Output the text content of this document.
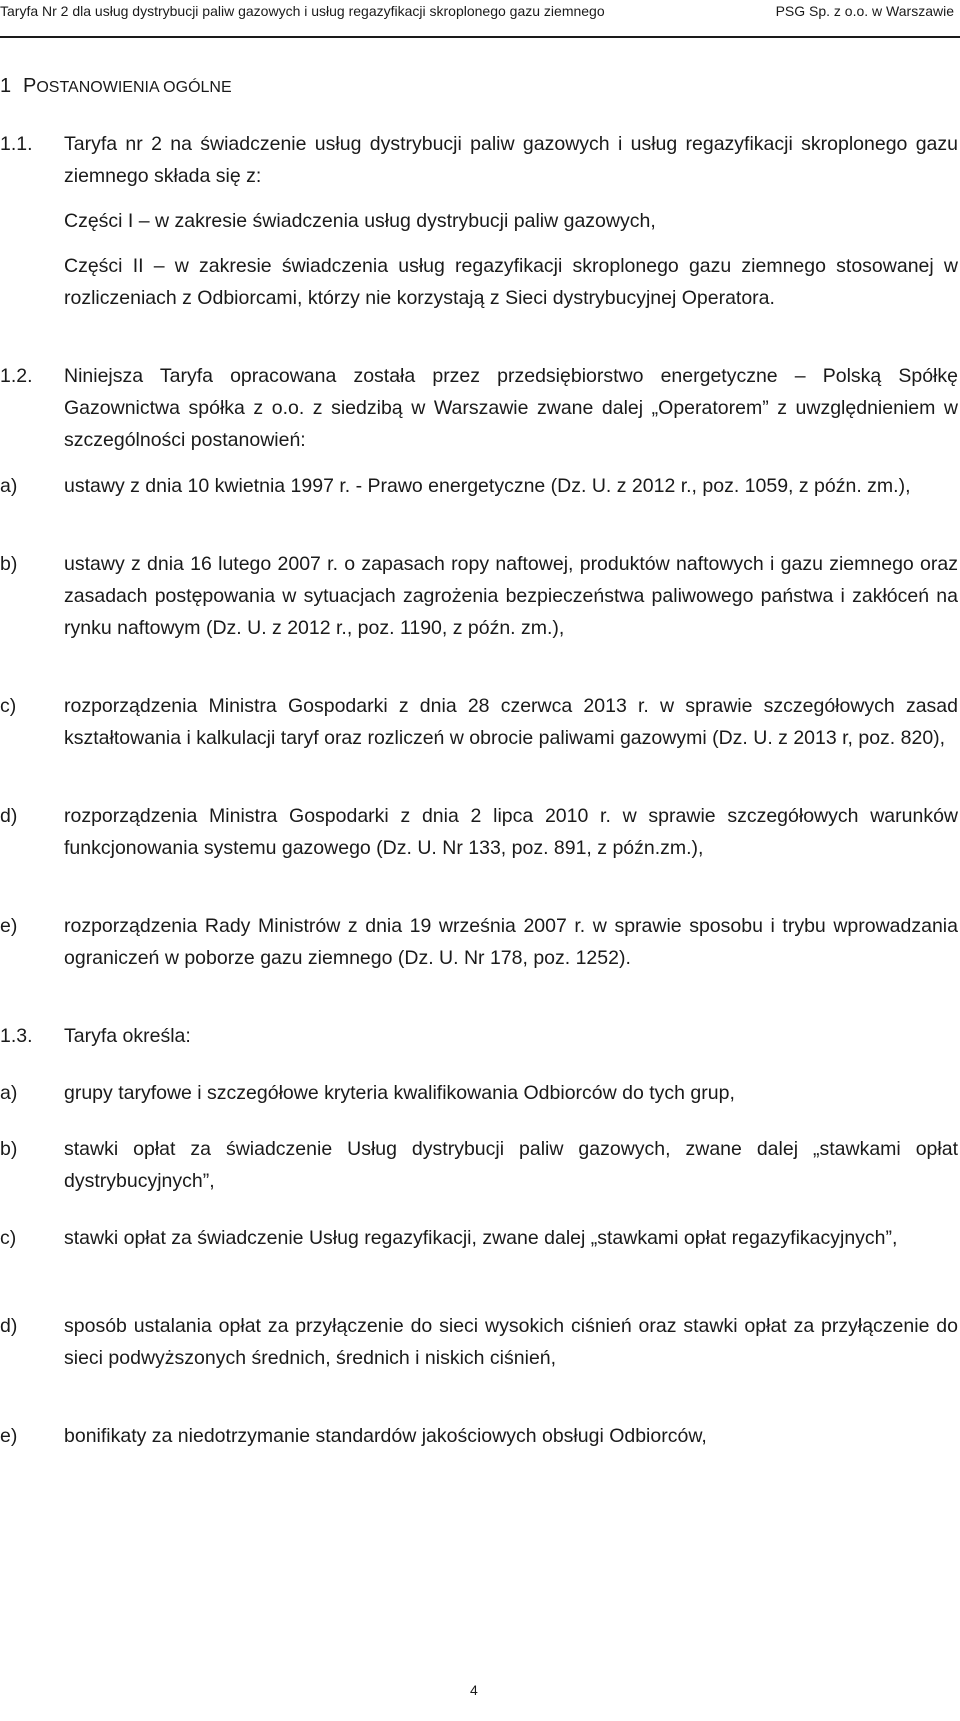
Taryfa Nr 2 dla usług dystrybucji paliw gazowych i usług regazyfikacji skroplonego gazu ziemnego	PSG Sp. z o.o. w Warszawie
1 POSTANOWIENIA OGÓLNE
1.1. Taryfa nr 2 na świadczenie usług dystrybucji paliw gazowych i usług regazyfikacji skroplonego gazu ziemnego składa się z:
Części I – w zakresie świadczenia usług dystrybucji paliw gazowych,
Części II – w zakresie świadczenia usług regazyfikacji skroplonego gazu ziemnego stosowanej w rozliczeniach z Odbiorcami, którzy nie korzystają z Sieci dystrybucyjnej Operatora.
1.2. Niniejsza Taryfa opracowana została przez przedsiębiorstwo energetyczne – Polską Spółkę Gazownictwa spółka z o.o. z siedzibą w Warszawie zwane dalej „Operatorem” z uwzględnieniem w szczególności postanowień:
a) ustawy z dnia 10 kwietnia 1997 r. - Prawo energetyczne (Dz. U. z 2012 r., poz. 1059, z późn. zm.),
b) ustawy z dnia 16 lutego 2007 r. o zapasach ropy naftowej, produktów naftowych i gazu ziemnego oraz zasadach postępowania w sytuacjach zagrożenia bezpieczeństwa paliwowego państwa i zakłóceń na rynku naftowym (Dz. U. z 2012 r., poz. 1190, z późn. zm.),
c) rozporządzenia Ministra Gospodarki z dnia 28 czerwca 2013 r. w sprawie szczegółowych zasad kształtowania i kalkulacji taryf oraz rozliczeń w obrocie paliwami gazowymi (Dz. U. z 2013 r, poz. 820),
d) rozporządzenia Ministra Gospodarki z dnia 2 lipca 2010 r. w sprawie szczegółowych warunków funkcjonowania systemu gazowego (Dz. U. Nr 133, poz. 891, z późn.zm.),
e) rozporządzenia Rady Ministrów z dnia 19 września 2007 r. w sprawie sposobu i trybu wprowadzania ograniczeń w poborze gazu ziemnego (Dz. U. Nr 178, poz. 1252).
1.3. Taryfa określa:
a) grupy taryfowe i szczegółowe kryteria kwalifikowania Odbiorców do tych grup,
b) stawki opłat za świadczenie Usług dystrybucji paliw gazowych, zwane dalej „stawkami opłat dystrybucyjnych”,
c) stawki opłat za świadczenie Usług regazyfikacji, zwane dalej „stawkami opłat regazyfikacyjnych”,
d) sposób ustalania opłat za przyłączenie do sieci wysokich ciśnień oraz stawki opłat za przyłączenie do sieci podwyższonych średnich, średnich i niskich ciśnień,
e) bonifikaty za niedotrzymanie standardów jakościowych obsługi Odbiorców,
4
